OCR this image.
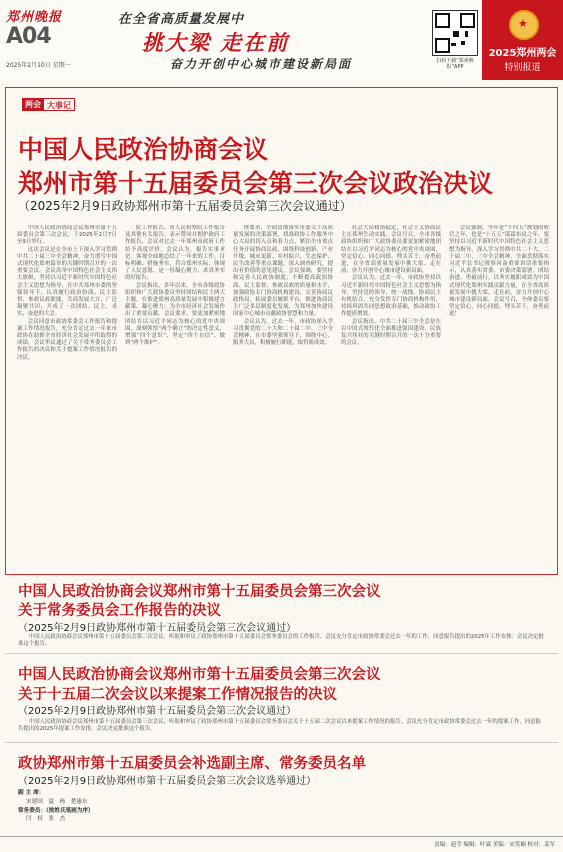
郑州晚报
A04
2025年2月10日 星期一
在全省高质量发展中
挑大梁 走在前
奋力开创中心城市建设新局面	扫码下载“郑州晚报”APP
★
2025郑州两会
特别报道
两会 大事记
中国人民政治协商会议
郑州市第十五届委员会第三次会议政治决议
（2025年2月9日政协郑州市第十五届委员会第三次会议通过）

中国人民政治协商会议郑州市第十五届委员会第三次会议，于2025年2月7日至9日举行。

这次会议是在全市上下深入学习贯彻中共二十届三中全会精神，奋力谱写中国式现代化郑州篇章的关键时期召开的一次重要会议。会议高举中国特色社会主义伟大旗帜，坚持以习近平新时代中国特色社会主义思想为指导，在中共郑州市委的坚强领导下，认真履行政治协商、民主监督、参政议政职能，共商发展大计，广泛凝聚共识，开成了一次团结、民主、求实、奋进的大会。

会议同意市政协常委会工作报告和提案工作情况报告，充分肯定过去一年来市政协在助推全市经济社会发展中所取得的成绩。会议审议通过了关于常务委员会工作报告的决议和关于提案工作情况报告的决议。

院工作报告、市人民检察院工作报告及其他有关报告。表示赞同并拥护政府工作报告，会议对过去一年郑州市政府工作给予高度评价。会议认为，报告实事求是、客观全面地总结了一年来的工作，目标明确、措施务实，符合郑州实际，体现了人民意愿，是一份凝心聚力、求真务实的好报告。

会议指出，多年以来，全市各级政协组织和广大政协委员坚持团结和民主两大主题，在推进郑州高质量发展中积极建言献策、凝心聚力，为全市经济社会发展作出了重要贡献。会议要求，要更加紧密地团结在以习近平同志为核心的党中央周围，深刻领悟“两个确立”的决定性意义，增强“四个意识”、坚定“四个自信”、做到“两个维护”。

体要求，全面贯彻落实市委关于高质量发展的决策部署，找准政协工作服务中心大局的切入点和着力点，紧扣全市重点任务开展协商议政，围绕科技创新、产业升级、城市更新、乡村振兴、生态保护、民生改善等重点课题，深入调查研究，提出有价值的意见建议。会议强调，要坚持和完善人民政协制度，不断提高政治协商、民主监督、参政议政的质量和水平，加强政协专门协商机构建设，完善协商议政格局，拓展委员履职平台，推进协商民主广泛多层制度化发展，为郑州加快建设国家中心城市贡献政协智慧和力量。

会议认为，过去一年，市政协深入学习贯彻党的二十大和二十届二中、三中全会精神，在市委坚强领导下，围绕中心、服务大局，积极履行职能，取得新成效。

社会大局和谐稳定，社会主义协商民主在郑州生动实践。会议号召，全市各级政协组织和广大政协委员要更加紧密地团结在以习近平同志为核心的党中央周围，坚定信心、同心同德、埋头苦干、奋勇前进，在全省高质量发展中挑大梁、走在前，奋力开创中心城市建设新局面。

会议认为，过去一年，市政协坚持以习近平新时代中国特色社会主义思想为指导，坚持党的领导、统一战线、协商民主有机结合，充分发挥专门协商机构作用，持续巩固共同思想政治基础，推动政协工作提质增效。

会议指出，中共二十届三中全会是在以中国式现代化全面推进强国建设、民族复兴伟业的关键时期召开的一次十分重要的会议。

会议强调，今年是“十四五”规划的收官之年，也是“十五五”谋篇布局之年。要坚持以习近平新时代中国特色社会主义思想为指导，深入学习贯彻中共二十大、二十届二中、三中全会精神，全面贯彻落实习近平总书记视察河南重要讲话重要指示，认真落实省委、市委决策部署，团结奋进、勇毅前行，以务实履职成效为中国式现代化郑州实践贡献力量，在全省高质量发展中挑大梁、走在前，奋力开创中心城市建设新局面。会议号召，全体委员要坚定信心，同心同德，埋头苦干，奋勇前进！

中国人民政治协商会议郑州市第十五届委员会第三次会议
关于常务委员会工作报告的决议
（2025年2月9日政协郑州市第十五届委员会第三次会议通过）
中国人民政治协商会议郑州市第十五届委员会第三次会议，听取和审议了政协郑州市第十五届委员会常务委员会的工作报告。会议充分肯定市政协常委会过去一年的工作，同意报告提出的2025年工作安排。会议决定批准这个报告。
中国人民政治协商会议郑州市第十五届委员会第三次会议
关于十五届二次会议以来提案工作情况报告的决议
（2025年2月9日政协郑州市第十五届委员会第三次会议通过）
中国人民政治协商会议郑州市第十五届委员会第三次会议，听取和审议了政协郑州市第十五届委员会常务委员会关于十五届二次会议以来提案工作情况的报告。会议充分肯定市政协常委会过去一年的提案工作，同意报告提出的2025年提案工作安排。会议决定批准这个报告。
政协郑州市第十五届委员会补选副主席、常务委员名单
（2025年2月9日政协郑州市第十五届委员会第三次会议选举通过）
副 主 席：
宋建国　夏　杨　楚惠东
常务委员：（按姓氏笔画为序）
闫　权　张　杰
责编：赵莹 编辑：叶霖 美编：宋笑楠 校对：姜军
